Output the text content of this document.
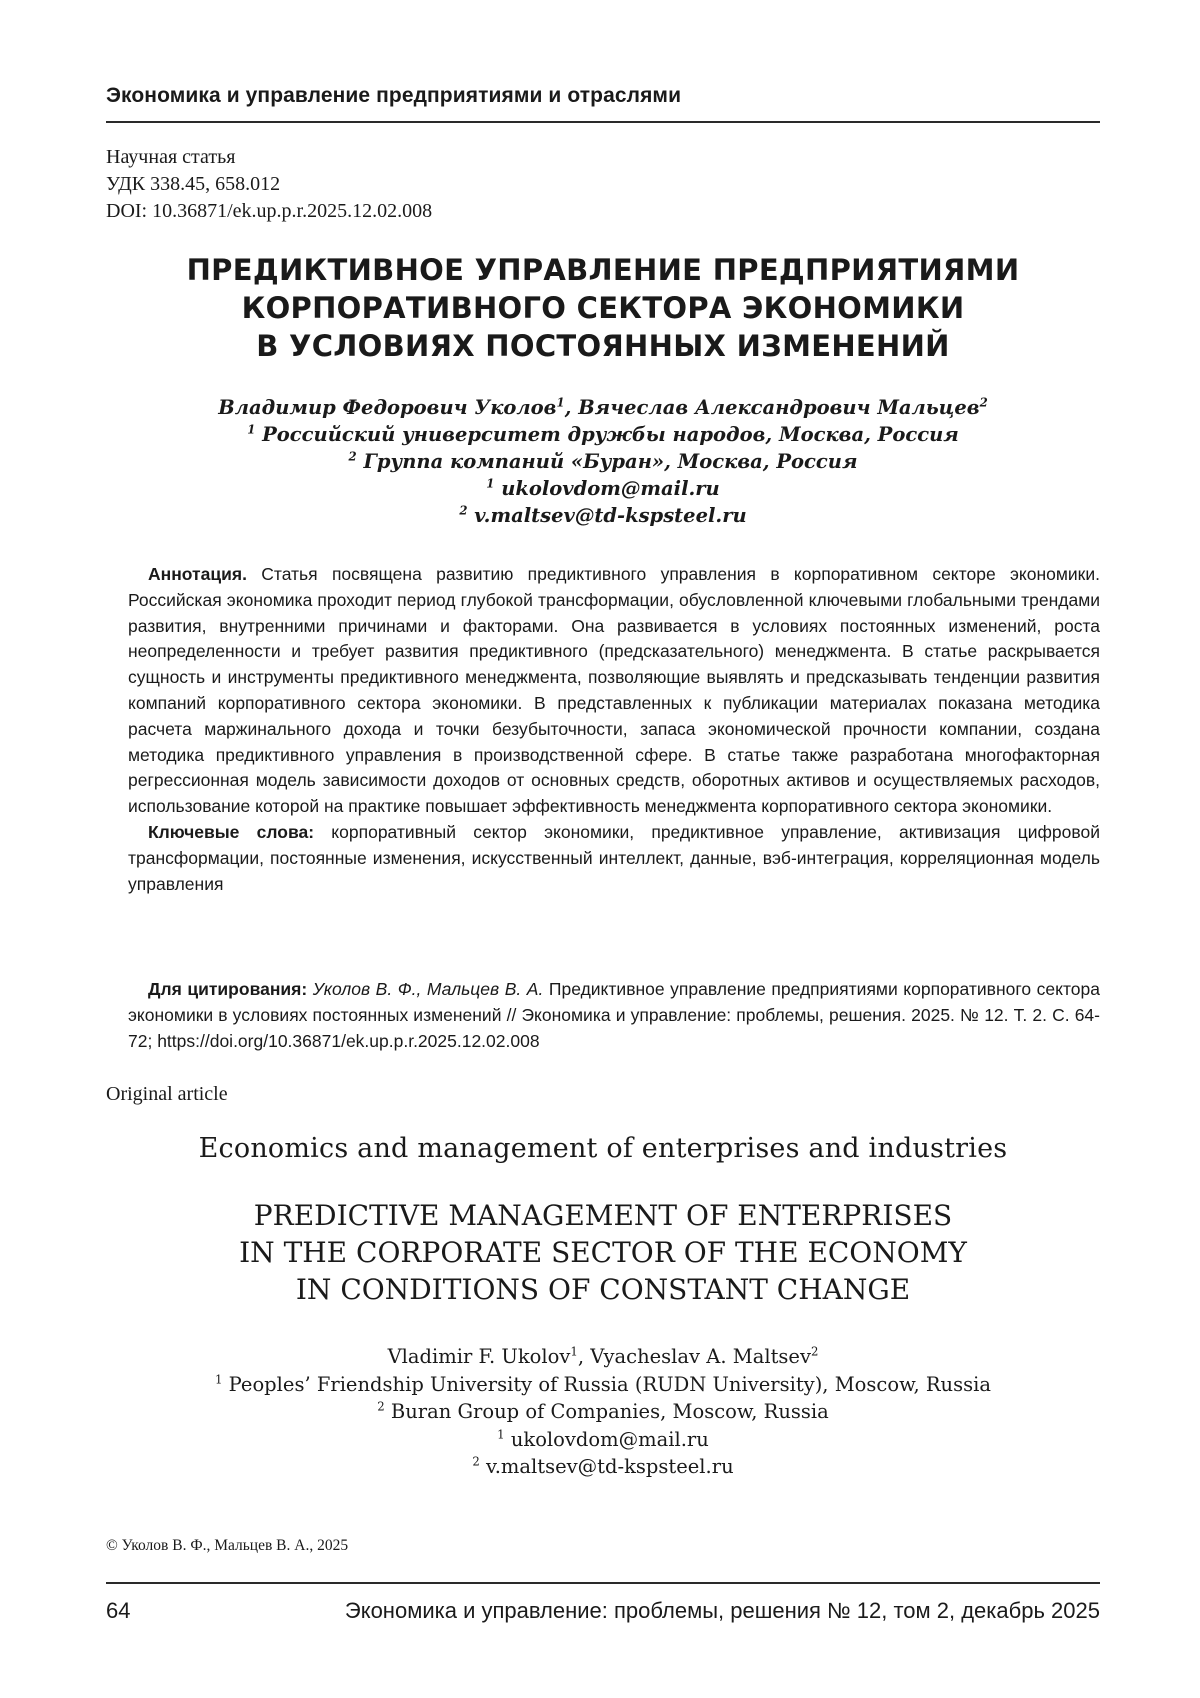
Экономика и управление предприятиями и отраслями
Научная статья
УДК 338.45, 658.012
DOI: 10.36871/ek.up.p.r.2025.12.02.008
ПРЕДИКТИВНОЕ УПРАВЛЕНИЕ ПРЕДПРИЯТИЯМИ
КОРПОРАТИВНОГО СЕКТОРА ЭКОНОМИКИ
В УСЛОВИЯХ ПОСТОЯННЫХ ИЗМЕНЕНИЙ
Владимир Федорович Уколов1, Вячеслав Александрович Мальцев2
1 Российский университет дружбы народов, Москва, Россия
2 Группа компаний «Буран», Москва, Россия
1 ukolovdom@mail.ru
2 v.maltsev@td-kspsteel.ru

Аннотация. Статья посвящена развитию предиктивного управления в корпоративном секторе экономики. Российская экономика проходит период глубокой трансформации, обусловленной ключевыми глобальными трендами развития, внутренними причинами и факторами. Она развивается в условиях постоянных изменений, роста неопределенности и требует развития предиктивного (предсказательного) менеджмента. В статье раскрывается сущность и инструменты предиктивного менеджмента, позволяющие выявлять и предсказывать тенденции развития компаний корпоративного сектора экономики. В представленных к публикации материалах показана методика расчета маржинального дохода и точки безубыточности, запаса экономической прочности компании, создана методика предиктивного управления в производственной сфере. В статье также разработана многофакторная регрессионная модель зависимости доходов от основных средств, оборотных активов и осуществляемых расходов, использование которой на практике повышает эффективность менеджмента корпоративного сектора экономики.

Ключевые слова: корпоративный сектор экономики, предиктивное управление, активизация цифровой трансформации, постоянные изменения, искусственный интеллект, данные, вэб-интеграция, корреляционная модель управления

Для цитирования: Уколов В. Ф., Мальцев В. А. Предиктивное управление предприятиями корпоративного сектора экономики в условиях постоянных изменений // Экономика и управление: проблемы, решения. 2025. № 12. Т. 2. С. 64-72; https://doi.org/10.36871/ek.up.p.r.2025.12.02.008

Original article
Economics and management of enterprises and industries
PREDICTIVE MANAGEMENT OF ENTERPRISES
IN THE CORPORATE SECTOR OF THE ECONOMY
IN CONDITIONS OF CONSTANT CHANGE
Vladimir F. Ukolov1, Vyacheslav A. Maltsev2
1 Peoples’ Friendship University of Russia (RUDN University), Moscow, Russia
2 Buran Group of Companies, Moscow, Russia
1 ukolovdom@mail.ru
2 v.maltsev@td-kspsteel.ru
© Уколов В. Ф., Мальцев В. А., 2025
64	Экономика и управление: проблемы, решения № 12, том 2, декабрь 2025
